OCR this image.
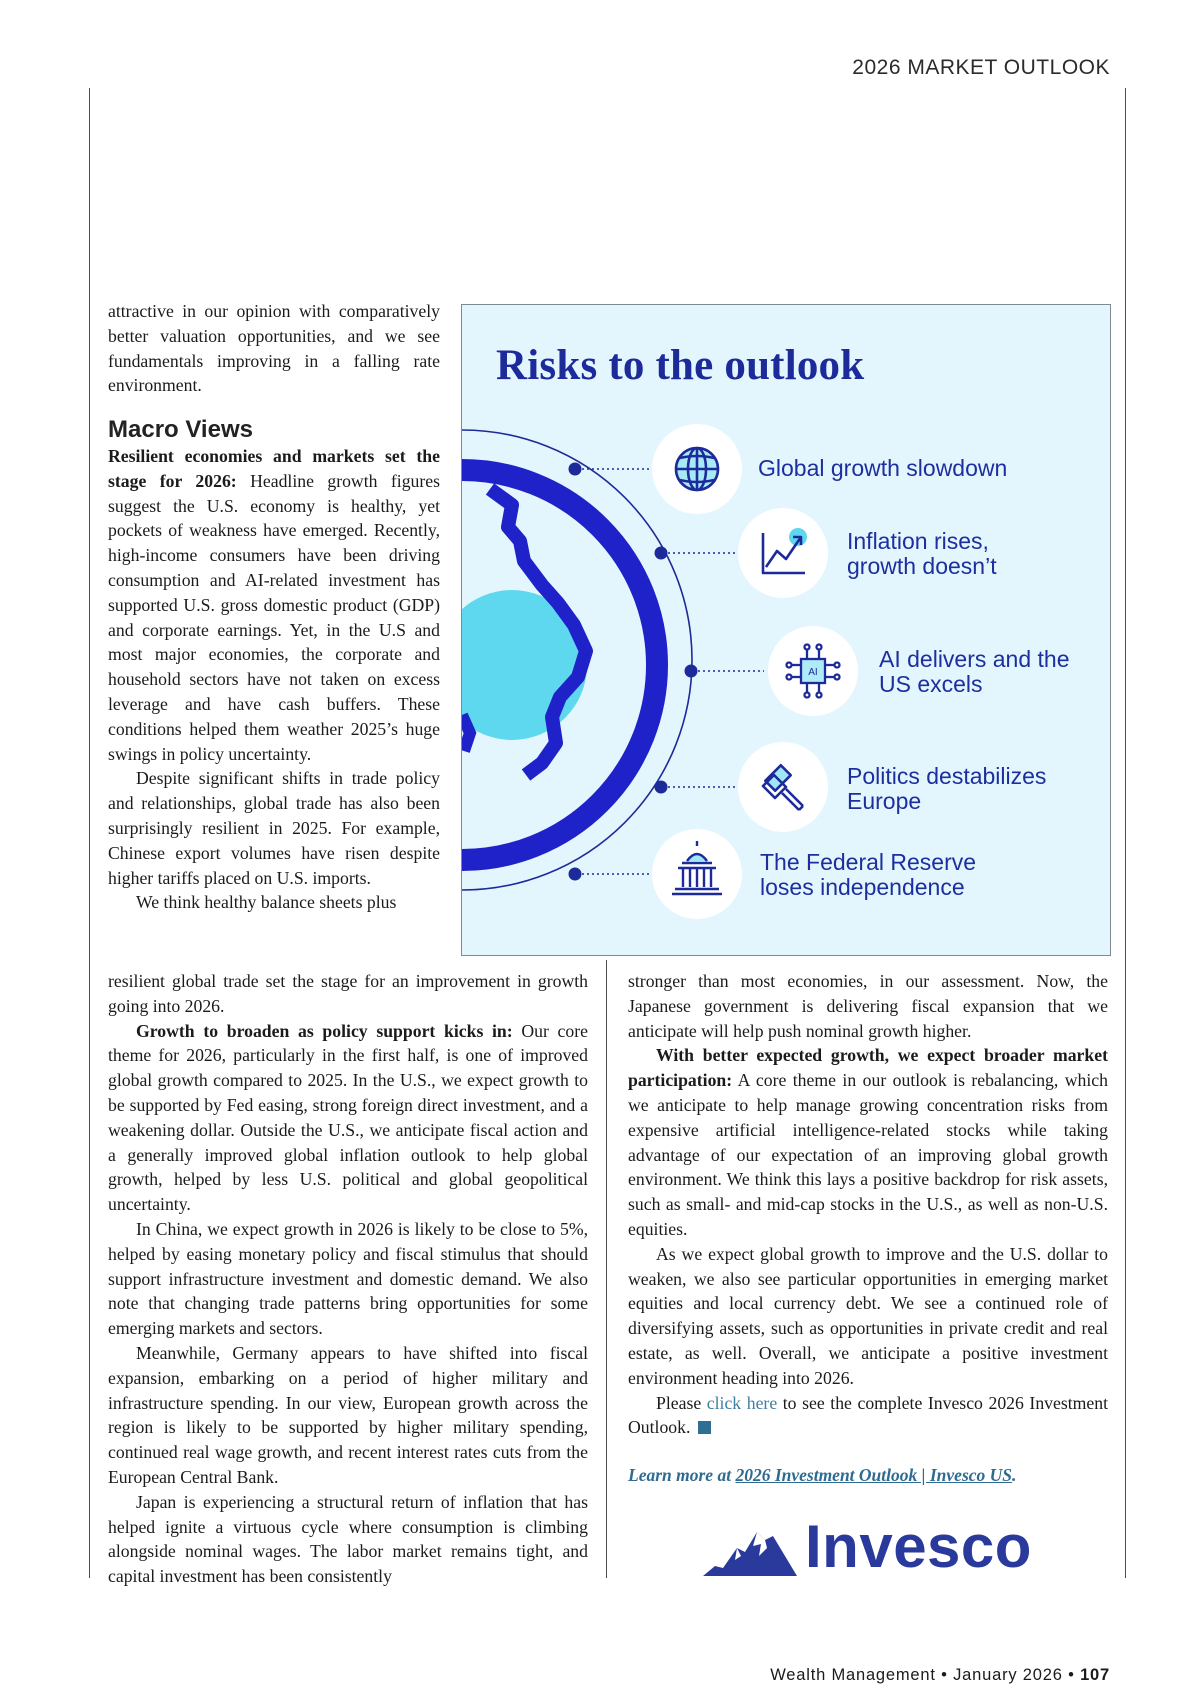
2026 MARKET OUTLOOK

attractive in our opinion with comparatively better valuation opportunities, and we see fundamentals improving in a falling rate environment.

Macro Views

Resilient economies and markets set the stage for 2026: Headline growth figures suggest the U.S. economy is healthy, yet pockets of weakness have emerged. Recently, high-income consumers have been driving consumption and AI-related investment has supported U.S. gross domestic product (GDP) and corporate earnings. Yet, in the U.S and most major economies, the corporate and household sectors have not taken on excess leverage and have cash buffers. These conditions helped them weather 2025’s huge swings in policy uncertainty.

Despite significant shifts in trade policy and relationships, global trade has also been surprisingly resilient in 2025. For example, Chinese export volumes have risen despite higher tariffs placed on U.S. imports.

We think healthy balance sheets plus

AI
Risks to the outlook
Global growth slowdown
Inflation rises,
growth doesn’t
AI delivers and the
US excels
Politics destabilizes
Europe
The Federal Reserve
loses independence

resilient global trade set the stage for an improvement in growth going into 2026.

Growth to broaden as policy support kicks in: Our core theme for 2026, particularly in the first half, is one of improved global growth compared to 2025. In the U.S., we expect growth to be supported by Fed easing, strong foreign direct investment, and a weakening dollar. Outside the U.S., we anticipate fiscal action and a generally improved global inflation outlook to help global growth, helped by less U.S. political and global geopolitical uncertainty.

In China, we expect growth in 2026 is likely to be close to 5%, helped by easing monetary policy and fiscal stimulus that should support infrastructure investment and domestic demand. We also note that changing trade patterns bring opportunities for some emerging markets and sectors.

Meanwhile, Germany appears to have shifted into fiscal expansion, embarking on a period of higher military and infrastructure spending. In our view, European growth across the region is likely to be supported by higher military spending, continued real wage growth, and recent interest rates cuts from the European Central Bank.

Japan is experiencing a structural return of inflation that has helped ignite a virtuous cycle where consumption is climbing alongside nominal wages. The labor market remains tight, and capital investment has been consistently

stronger than most economies, in our assessment. Now, the Japanese government is delivering fiscal expansion that we anticipate will help push nominal growth higher.

With better expected growth, we expect broader market participation: A core theme in our outlook is rebalancing, which we anticipate to help manage growing concentration risks from expensive artificial intelligence-related stocks while taking advantage of our expectation of an improving global growth environment. We think this lays a positive backdrop for risk assets, such as small- and mid-cap stocks in the U.S., as well as non-U.S. equities.

As we expect global growth to improve and the U.S. dollar to weaken, we also see particular opportunities in emerging market equities and local currency debt. We see a continued role of diversifying assets, such as opportunities in private credit and real estate, as well. Overall, we anticipate a positive investment environment heading into 2026.

Please click here to see the complete Invesco 2026 Investment Outlook.

Learn more at 2026 Investment Outlook | Invesco US.
Invesco
Wealth Management • January 2026 • 107
